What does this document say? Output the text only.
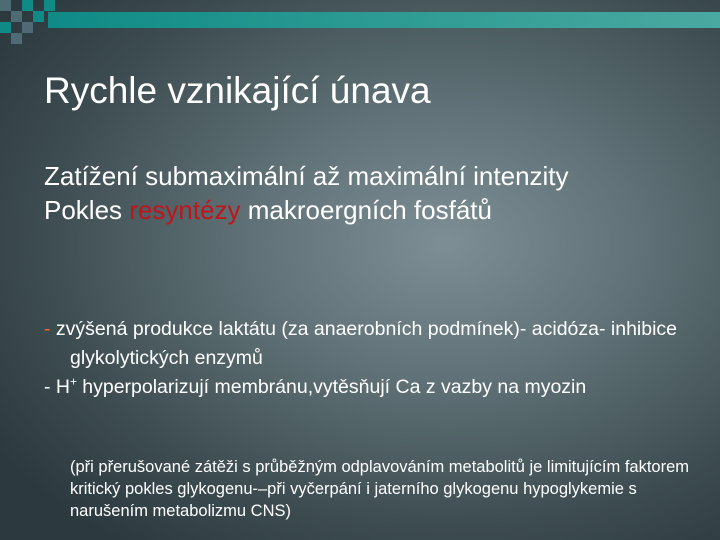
Rychle vznikající únava

Zatížení submaximální až maximální intenzity

Pokles resyntézy makroergních fosfátů

- zvýšená produkce laktátu (za anaerobních podmínek)- acidóza- inhibice glykolytických enzymů

- H+ hyperpolarizují membránu,vytěsňují Ca z vazby na myozin

(při přerušované zátěži s průběžným odplavováním metabolitů je limitujícím faktorem kritický pokles glykogenu-–při vyčerpání i jaterního glykogenu hypoglykemie s narušením metabolizmu CNS)
